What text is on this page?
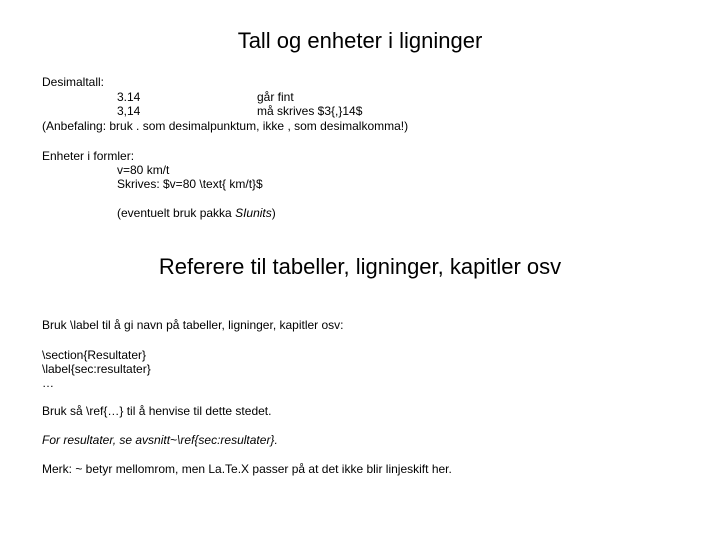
Tall og enheter i ligninger
Desimaltall:
3.14	går fint
3,14	må skrives $3{,}14$
(Anbefaling: bruk . som desimalpunktum, ikke , som desimalkomma!)
Enheter i formler:
v=80 km/t
Skrives: $v=80 \text{ km/t}$
(eventuelt bruk pakka SIunits)
Referere til tabeller, ligninger, kapitler osv
Bruk \label til å gi navn på tabeller, ligninger, kapitler osv:
\section{Resultater}
\label{sec:resultater}
…
Bruk så \ref{…} til å henvise til dette stedet.
For resultater, se avsnitt~\ref{sec:resultater}.
Merk: ~ betyr mellomrom, men La.Te.X passer på at det ikke blir linjeskift her.
